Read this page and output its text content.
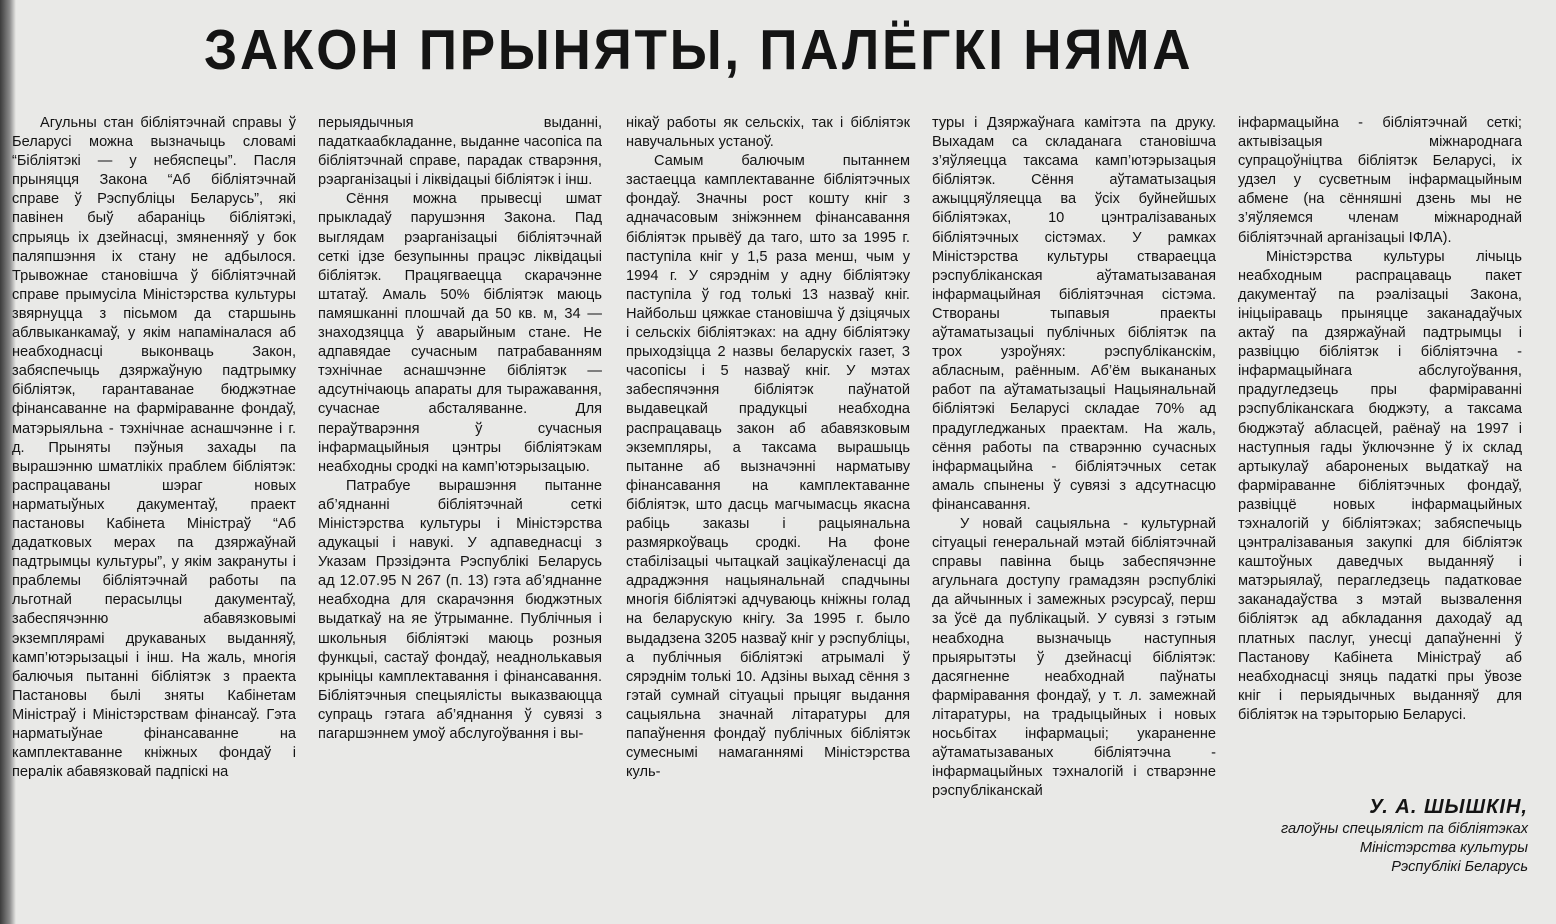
ЗАКОН ПРЫНЯТЫ, ПАЛЁГКІ НЯМА

Агульны стан бібліятэчнай справы ў Беларусі можна вызначыць словамі “Бібліятэкі — у небяспецы”. Пасля прыняцця Закона “Аб бібліятэчнай справе ў Рэспубліцы Беларусь”, які павінен быў абараніць бібліятэкі, спрыяць іх дзейнасці, змяненняў у бок паляпшэння іх стану не адбылося. Трывожнае становішча ў бібліятэчнай справе прымусіла Міністэрства культуры звярнуцца з пісьмом да старшынь аблвыканкамаў, у якім напаміналася аб неабходнасці выконваць Закон, забяспечыць дзяржаўную падтрымку бібліятэк, гарантаванае бюджэтнае фінансаванне на фарміраванне фондаў, матэрыяльна - тэхнічнае аснашчэнне і г. д. Прыняты пэўныя захады па вырашэнню шматлікіх праблем бібліятэк: распрацаваны шэраг новых нарматыўных дакументаў, праект пастановы Кабінета Міністраў “Аб дадатковых мерах па дзяржаўнай падтрымцы культуры”, у якім закрануты і праблемы бібліятэчнай работы па льготнай перасылцы дакументаў, забеспячэнню абавязковымі экземплярамі друкаваных выданняў, камп’ютэрызацыі і інш. На жаль, многія балючыя пытанні бібліятэк з праекта Пастановы былі зняты Кабінетам Міністраў і Міністэрствам фінансаў. Гэта нарматыўнае фінансаванне на камплектаванне кніжных фондаў і пералік абавязковай падпіскі на

перыядычныя выданні, падаткаабкладанне, выданне часопіса па бібліятэчнай справе, парадак стварэння, рэарганізацыі і ліквідацыі бібліятэк і інш.

Сёння можна прывесці шмат прыкладаў парушэння Закона. Пад выглядам рэарганізацыі бібліятэчнай сеткі ідзе безупынны працэс ліквідацыі бібліятэк. Працягваецца скарачэнне штатаў. Амаль 50% бібліятэк маюць памяшканні плошчай да 50 кв. м, 34 — знаходзяцца ў аварыйным стане. Не адпавядае сучасным патрабаванням тэхнічнае аснашчэнне бібліятэк — адсутнічаюць апараты для тыражавання, сучаснае абсталяванне. Для пераўтварэння ў сучасныя інфармацыйныя цэнтры бібліятэкам неабходны сродкі на камп’ютэрызацыю.

Патрабуе вырашэння пытанне аб’яднанні бібліятэчнай сеткі Міністэрства культуры і Міністэрства адукацыі і навукі. У адпаведнасці з Указам Прэзідэнта Рэспублікі Беларусь ад 12.07.95 N 267 (п. 13) гэта аб’яднанне неабходна для скарачэння бюджэтных выдаткаў на яе ўтрыманне. Публічныя і школьныя бібліятэкі маюць розныя функцыі, састаў фондаў, неаднолькавыя крыніцы камплектавання і фінансавання. Бібліятэчныя спецыялісты выказваюцца супраць гэтага аб’яднання ў сувязі з пагаршэннем умоў абслугоўвання і вы-

нікаў работы як сельскіх, так і бібліятэк навучальных устаноў.

Самым балючым пытаннем застаецца камплектаванне бібліятэчных фондаў. Значны рост кошту кніг з адначасовым зніжэннем фінансавання бібліятэк прывёў да таго, што за 1995 г. паступіла кніг у 1,5 раза менш, чым у 1994 г. У сярэднім у адну бібліятэку паступіла ў год толькі 13 назваў кніг. Найбольш цяжкае становішча ў дзіцячых і сельскіх бібліятэках: на адну бібліятэку прыходзіцца 2 назвы беларускіх газет, 3 часопісы і 5 назваў кніг. У мэтах забеспячэння бібліятэк паўнатой выдавецкай прадукцыі неабходна распрацаваць закон аб абавязковым экземпляры, а таксама вырашыць пытанне аб вызначэнні нарматыву фінансавання на камплектаванне бібліятэк, што дасць магчымасць якасна рабіць заказы і рацыянальна размяркоўваць сродкі. На фоне стабілізацыі чытацкай зацікаўленасці да адраджэння нацыянальнай спадчыны многія бібліятэкі адчуваюць кніжны голад на беларускую кнігу. За 1995 г. было выдадзена 3205 назваў кніг у рэспубліцы, а публічныя бібліятэкі атрымалі ў сярэднім толькі 10. Адзіны выхад сёння з гэтай сумнай сітуацыі прыцяг выдання сацыяльна значнай літаратуры для папаўнення фондаў публічных бібліятэк сумеснымі намаганнямі Міністэрства куль-

туры і Дзяржаўнага камітэта па друку. Выхадам са складанага становішча з’яўляецца таксама камп’ютэрызацыя бібліятэк. Сёння аўтаматызацыя ажыццяўляецца ва ўсіх буйнейшых бібліятэках, 10 цэнтралізаваных бібліятэчных сістэмах. У рамках Міністэрства культуры стварaецца рэспубліканская аўтаматызаваная інфармацыйная бібліятэчная сістэма. Створаны тыпавыя праекты аўтаматызацыі публічных бібліятэк па трох узроўнях: рэспубліканскім, абласным, раённым. Аб’ём выкананых работ па аўтаматызацыі Нацыянальнай бібліятэкі Беларусі складае 70% ад прадугледжаных праектам. На жаль, сёння работы па стварэнню сучасных інфармацыйна - бібліятэчных сетак амаль спынены ў сувязі з адсутнасцю фінансавання.

У новай сацыяльна - культурнай сітуацыі генеральнай мэтай бібліятэчнай справы павінна быць забеспячэнне агульнага доступу грамадзян рэспублікі да айчынных і замежных рэсурсаў, перш за ўсё да публікацый. У сувязі з гэтым неабходна вызначыць наступныя прыярытэты ў дзейнасці бібліятэк: дасягненне неабходнай паўнаты фарміравання фондаў, у т. л. замежнай літаратуры, на традыцыйных і новых носьбітах інфармацыі; укараненне аўтаматызаваных бібліятэчна - інфармацыйных тэхналогій і стварэнне рэспубліканскай

інфармацыйна - бібліятэчнай сеткі; актывізацыя міжнароднага супрацоўніцтва бібліятэк Беларусі, іх удзел у сусветным інфармацыйным абмене (на сённяшні дзень мы не з’яўляемся членам міжнароднай бібліятэчнай арганізацыі ІФЛА).

Міністэрства культуры лічыць неабходным распрацаваць пакет дакументаў па рэалізацыі Закона, ініцыіраваць прыняцце заканадаўчых актаў па дзяржаўнай падтрымцы і развіццю бібліятэк і бібліятэчна - інфармацыйнага абслугоўвання, прадугледзець пры фарміраванні рэспубліканскага бюджэту, а таксама бюджэтаў абласцей, раёнаў на 1997 і наступныя гады ўключэнне ў іх склад артыкулаў абароненых выдаткаў на фарміраванне бібліятэчных фондаў, развіццё новых інфармацыйных тэхналогій у бібліятэках; забяспечыць цэнтралізаваныя закупкі для бібліятэк каштоўных даведчых выданняў і матэрыялаў, перагледзець падатковае заканадаўства з мэтай вызвалення бібліятэк ад абкладання даходаў ад платных паслуг, унесці дапаўненні ў Пастанову Кабінета Міністраў аб неабходнасці зняць падаткі пры ўвозе кніг і перыядычных выданняў для бібліятэк на тэрыторыю Беларусі.

У. А. ШЫШКІН,
галоўны спецыяліст па бібліятэках Міністэрства культуры
Рэспублікі Беларусь
